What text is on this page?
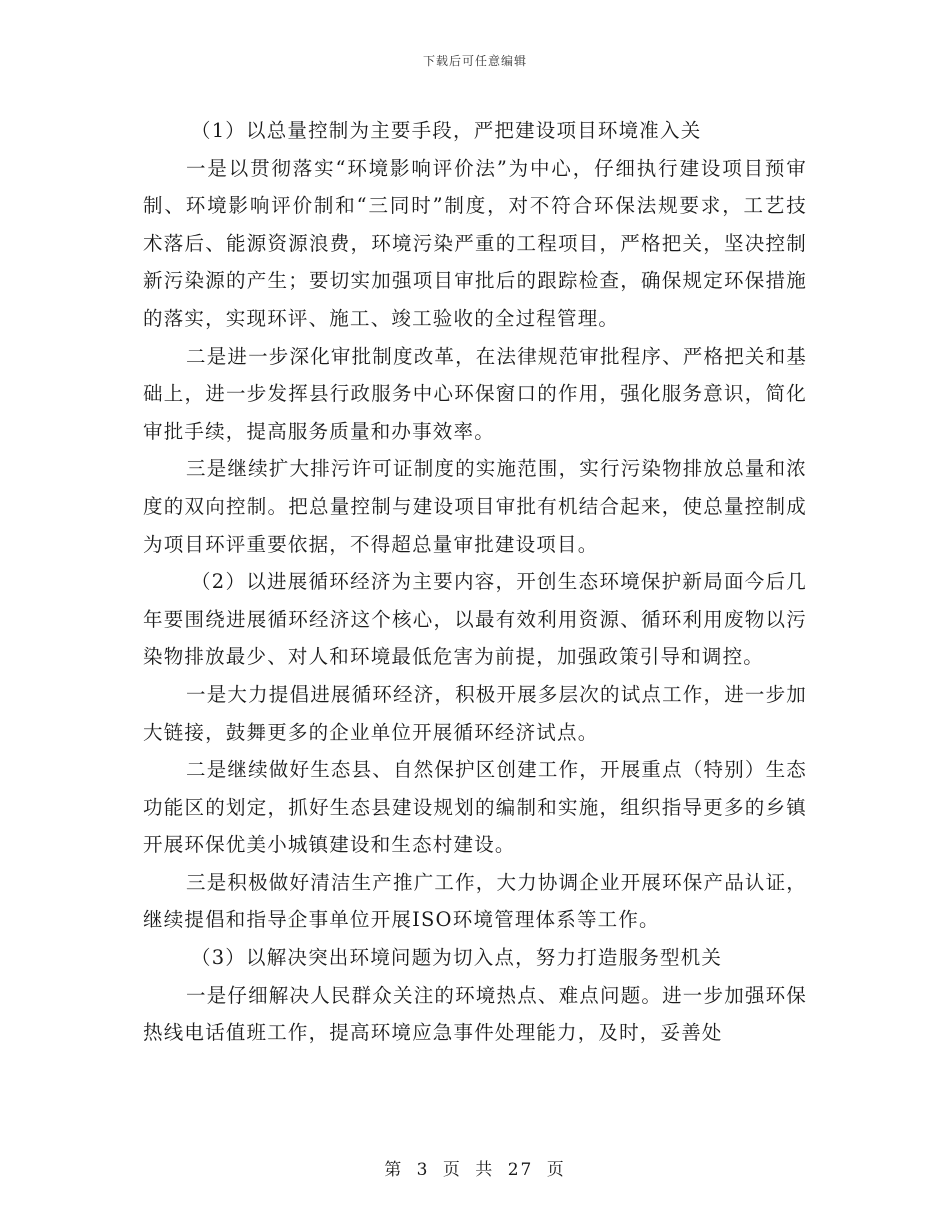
下载后可任意编辑

（1）以总量控制为主要手段，严把建设项目环境准入关

一是以贯彻落实“环境影响评价法”为中心，仔细执行建设项目预审制、环境影响评价制和“三同时”制度，对不符合环保法规要求，工艺技术落后、能源资源浪费，环境污染严重的工程项目，严格把关，坚决控制新污染源的产生；要切实加强项目审批后的跟踪检查，确保规定环保措施的落实，实现环评、施工、竣工验收的全过程管理。

二是进一步深化审批制度改革，在法律规范审批程序、严格把关和基础上，进一步发挥县行政服务中心环保窗口的作用，强化服务意识，简化审批手续，提高服务质量和办事效率。

三是继续扩大排污许可证制度的实施范围，实行污染物排放总量和浓度的双向控制。把总量控制与建设项目审批有机结合起来，使总量控制成为项目环评重要依据，不得超总量审批建设项目。

（2）以进展循环经济为主要内容，开创生态环境保护新局面今后几年要围绕进展循环经济这个核心，以最有效利用资源、循环利用废物以污染物排放最少、对人和环境最低危害为前提，加强政策引导和调控。

一是大力提倡进展循环经济，积极开展多层次的试点工作，进一步加大链接，鼓舞更多的企业单位开展循环经济试点。

二是继续做好生态县、自然保护区创建工作，开展重点（特别）生态功能区的划定，抓好生态县建设规划的编制和实施，组织指导更多的乡镇开展环保优美小城镇建设和生态村建设。

三是积极做好清洁生产推广工作，大力协调企业开展环保产品认证，继续提倡和指导企事单位开展ISO环境管理体系等工作。

（3）以解决突出环境问题为切入点，努力打造服务型机关

一是仔细解决人民群众关注的环境热点、难点问题。进一步加强环保热线电话值班工作，提高环境应急事件处理能力，及时，妥善处

第 3 页 共 27 页
